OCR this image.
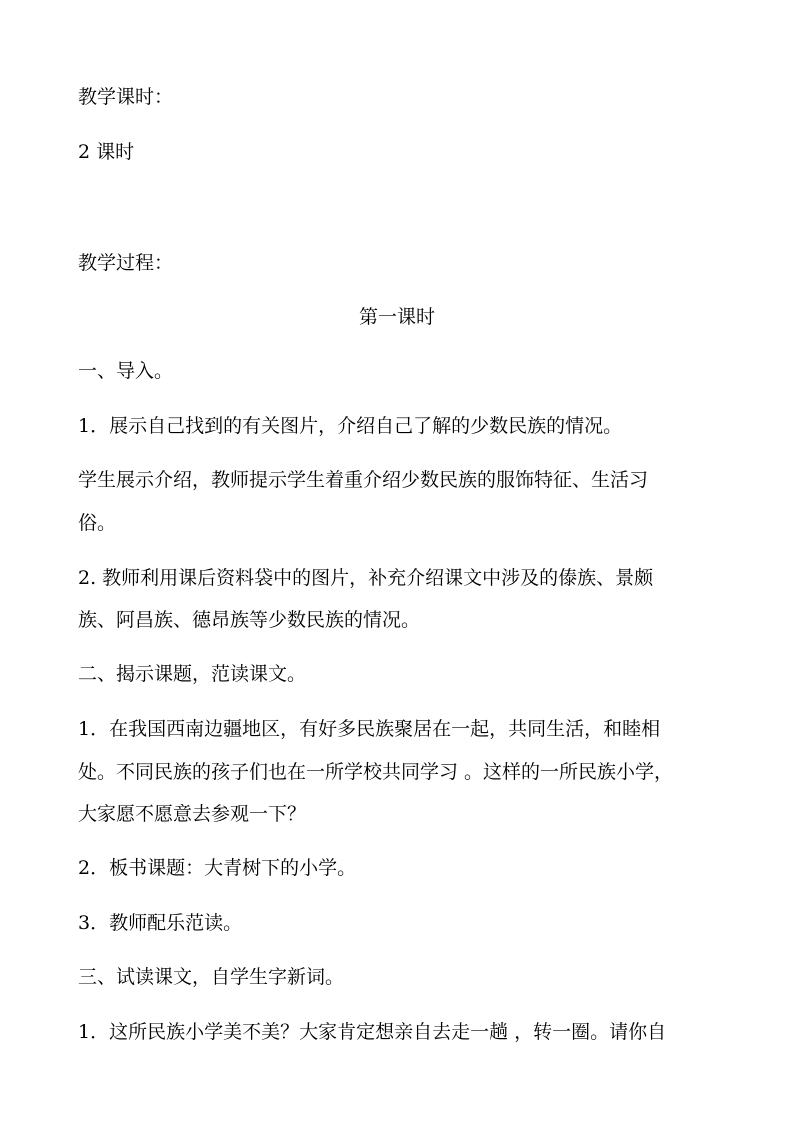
教学课时：
2 课时
教学过程：
第一课时
一、导入。
1．展示自己找到的有关图片，介绍自己了解的少数民族的情况。
学生展示介绍，教师提示学生着重介绍少数民族的服饰特征、生活习
俗。
2. 教师利用课后资料袋中的图片，补充介绍课文中涉及的傣族、景颇
族、阿昌族、德昂族等少数民族的情况。
二、揭示课题，范读课文。
1．在我国西南边疆地区，有好多民族聚居在一起，共同生活，和睦相
处。不同民族的孩子们也在一所学校共同学习 。这样的一所民族小学，
大家愿不愿意去参观一下？
2．板书课题：大青树下的小学。
3．教师配乐范读。
三、试读课文，自学生字新词。
1．这所民族小学美不美？大家肯定想亲自去走一趟 ，转一圈。请你自
